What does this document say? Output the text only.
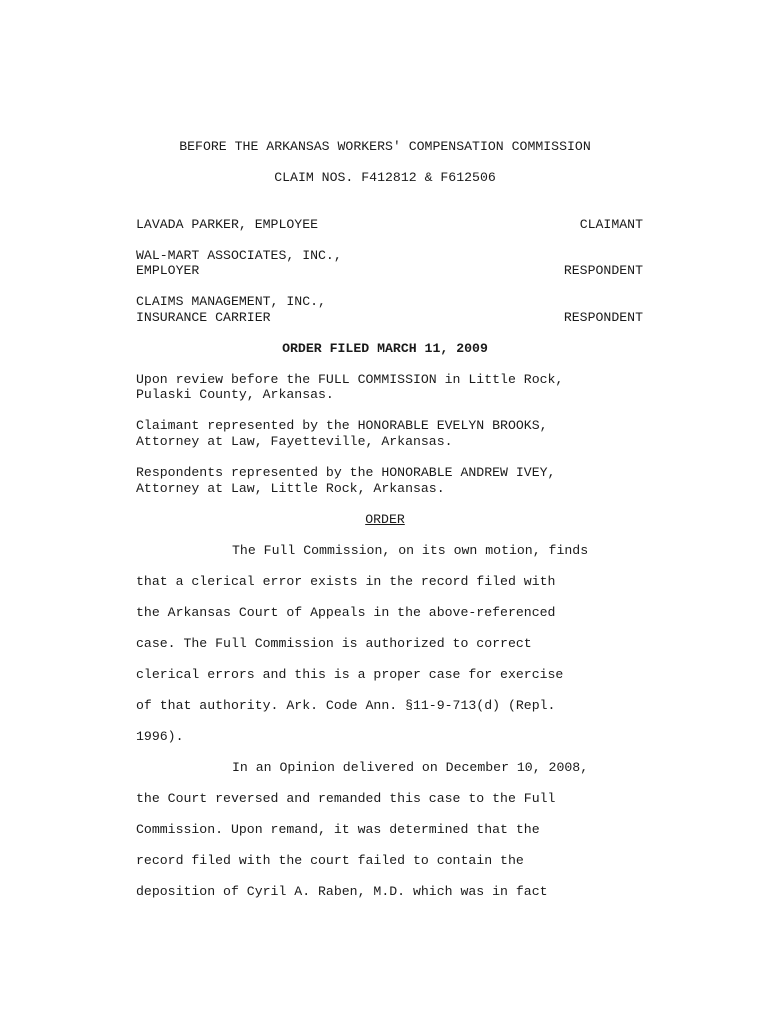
BEFORE THE ARKANSAS WORKERS' COMPENSATION COMMISSION
CLAIM NOS. F412812 & F612506
LAVADA PARKER, EMPLOYEE	CLAIMANT
WAL-MART ASSOCIATES, INC.,
EMPLOYER	RESPONDENT
CLAIMS MANAGEMENT, INC.,
INSURANCE CARRIER	RESPONDENT
ORDER FILED MARCH 11, 2009
Upon review before the FULL COMMISSION in Little Rock,
Pulaski County, Arkansas.
Claimant represented by the HONORABLE EVELYN BROOKS,
Attorney at Law, Fayetteville, Arkansas.
Respondents represented by the HONORABLE ANDREW IVEY,
Attorney at Law, Little Rock, Arkansas.
ORDER
The Full Commission, on its own motion, finds
that a clerical error exists in the record filed with
the Arkansas Court of Appeals in the above-referenced
case. The Full Commission is authorized to correct
clerical errors and this is a proper case for exercise
of that authority. Ark. Code Ann. §11-9-713(d) (Repl.
1996).
In an Opinion delivered on December 10, 2008,
the Court reversed and remanded this case to the Full
Commission. Upon remand, it was determined that the
record filed with the court failed to contain the
deposition of Cyril A. Raben, M.D. which was in fact
